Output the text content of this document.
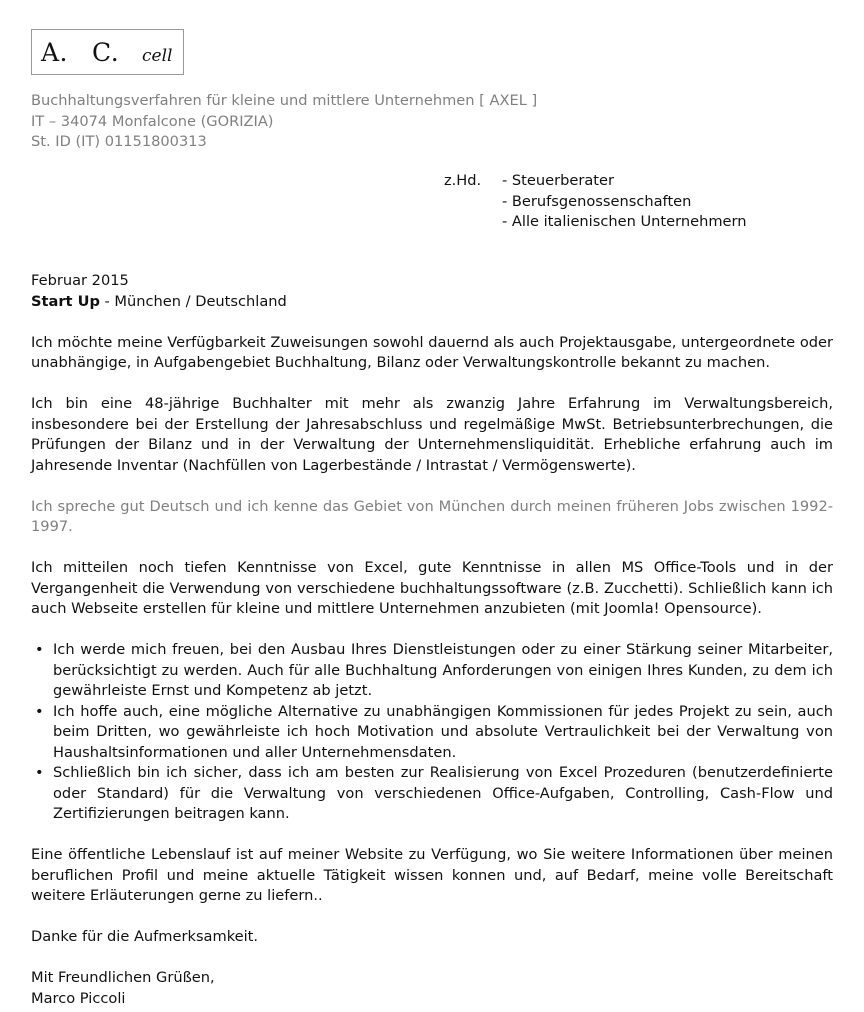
A. C. cell
Buchhaltungsverfahren für kleine und mittlere Unternehmen [ AXEL ]
IT – 34074 Monfalcone (GORIZIA)
St. ID (IT) 01151800313
z.Hd. - Steuerberater
- Berufsgenossenschaften
- Alle italienischen Unternehmern

Februar 2015

Start Up - München / Deutschland

Ich möchte meine Verfügbarkeit Zuweisungen sowohl dauernd als auch Projektausgabe, untergeordnete oder unabhängige, in Aufgabengebiet Buchhaltung, Bilanz oder Verwaltungskontrolle bekannt zu machen.

Ich bin eine 48-jährige Buchhalter mit mehr als zwanzig Jahre Erfahrung im Verwaltungsbereich, insbesondere bei der Erstellung der Jahresabschluss und regelmäßige MwSt. Betriebsunterbrechungen, die Prüfungen der Bilanz und in der Verwaltung der Unternehmensliquidität. Erhebliche erfahrung auch im Jahresende Inventar (Nachfüllen von Lagerbestände / Intrastat / Vermögenswerte).

Ich spreche gut Deutsch und ich kenne das Gebiet von München durch meinen früheren Jobs zwischen 1992-1997.

Ich mitteilen noch tiefen Kenntnisse von Excel, gute Kenntnisse in allen MS Office-Tools und in der Vergangenheit die Verwendung von verschiedene buchhaltungssoftware (z.B. Zucchetti). Schließlich kann ich auch Webseite erstellen für kleine und mittlere Unternehmen anzubieten (mit Joomla! Opensource).

• Ich werde mich freuen, bei den Ausbau Ihres Dienstleistungen oder zu einer Stärkung seiner Mitarbeiter, berücksichtigt zu werden. Auch für alle Buchhaltung Anforderungen von einigen Ihres Kunden, zu dem ich gewährleiste Ernst und Kompetenz ab jetzt.
• Ich hoffe auch, eine mögliche Alternative zu unabhängigen Kommissionen für jedes Projekt zu sein, auch beim Dritten, wo gewährleiste ich hoch Motivation und absolute Vertraulichkeit bei der Verwaltung von Haushaltsinformationen und aller Unternehmensdaten.
• Schließlich bin ich sicher, dass ich am besten zur Realisierung von Excel Prozeduren (benutzerdefinierte oder Standard) für die Verwaltung von verschiedenen Office-Aufgaben, Controlling, Cash-Flow und Zertifizierungen beitragen kann.

Eine öffentliche Lebenslauf ist auf meiner Website zu Verfügung, wo Sie weitere Informationen über meinen beruflichen Profil und meine aktuelle Tätigkeit wissen konnen und, auf Bedarf, meine volle Bereitschaft weitere Erläuterungen gerne zu liefern..

Danke für die Aufmerksamkeit.

Mit Freundlichen Grüßen,

Marco Piccoli
